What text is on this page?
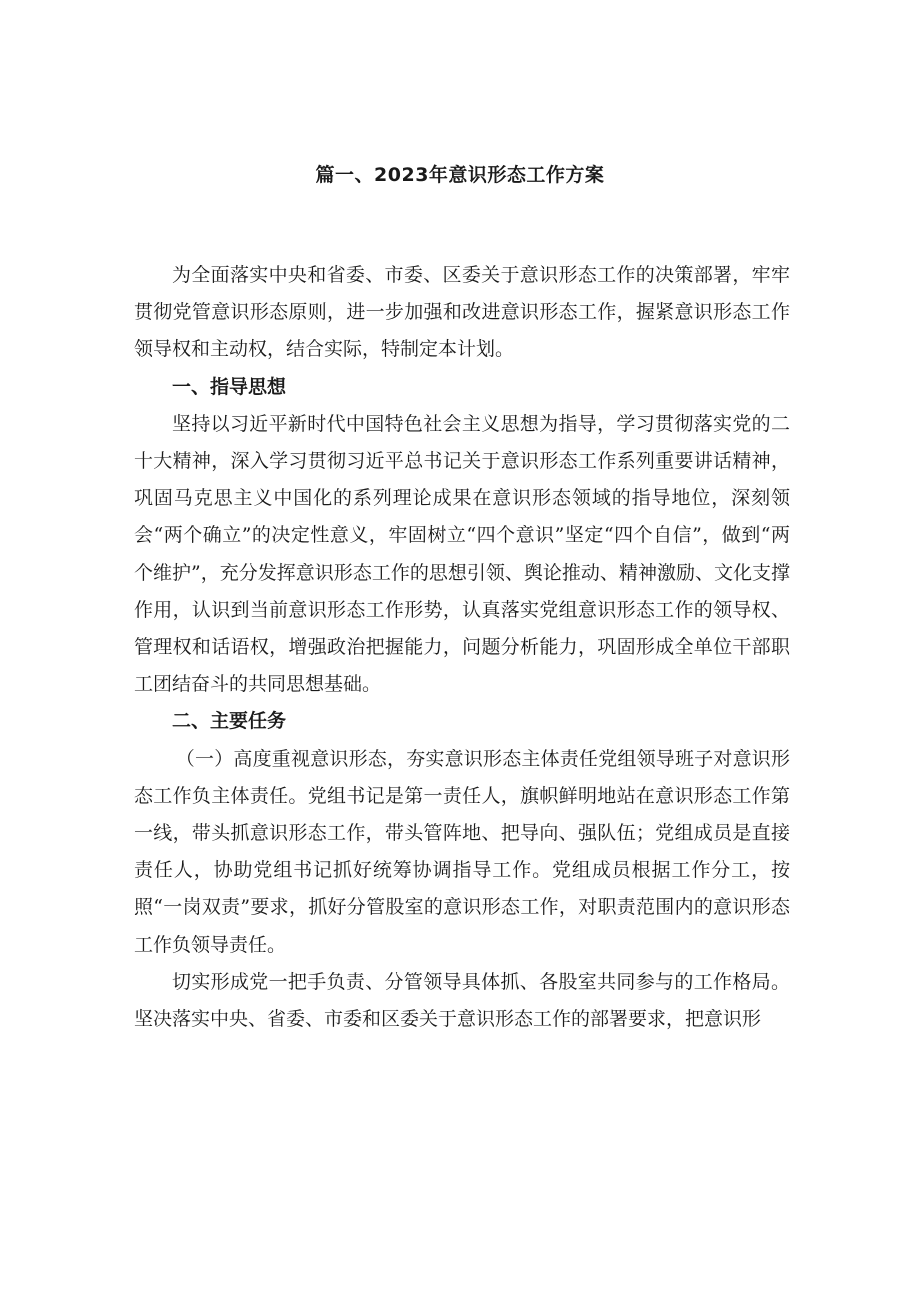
篇一、2023年意识形态工作方案

为全面落实中央和省委、市委、区委关于意识形态工作的决策部署，牢牢贯彻党管意识形态原则，进一步加强和改进意识形态工作，握紧意识形态工作领导权和主动权，结合实际，特制定本计划。

一、指导思想

坚持以习近平新时代中国特色社会主义思想为指导，学习贯彻落实党的二十大精神，深入学习贯彻习近平总书记关于意识形态工作系列重要讲话精神，巩固马克思主义中国化的系列理论成果在意识形态领域的指导地位，深刻领会“两个确立”的决定性意义，牢固树立“四个意识”坚定“四个自信”，做到“两个维护”，充分发挥意识形态工作的思想引领、舆论推动、精神激励、文化支撑作用，认识到当前意识形态工作形势，认真落实党组意识形态工作的领导权、管理权和话语权，增强政治把握能力，问题分析能力，巩固形成全单位干部职工团结奋斗的共同思想基础。

二、主要任务

（一）高度重视意识形态，夯实意识形态主体责任党组领导班子对意识形态工作负主体责任。党组书记是第一责任人，旗帜鲜明地站在意识形态工作第一线，带头抓意识形态工作，带头管阵地、把导向、强队伍；党组成员是直接责任人，协助党组书记抓好统筹协调指导工作。党组成员根据工作分工，按照“一岗双责”要求，抓好分管股室的意识形态工作，对职责范围内的意识形态工作负领导责任。

切实形成党一把手负责、分管领导具体抓、各股室共同参与的工作格局。坚决落实中央、省委、市委和区委关于意识形态工作的部署要求，把意识形
